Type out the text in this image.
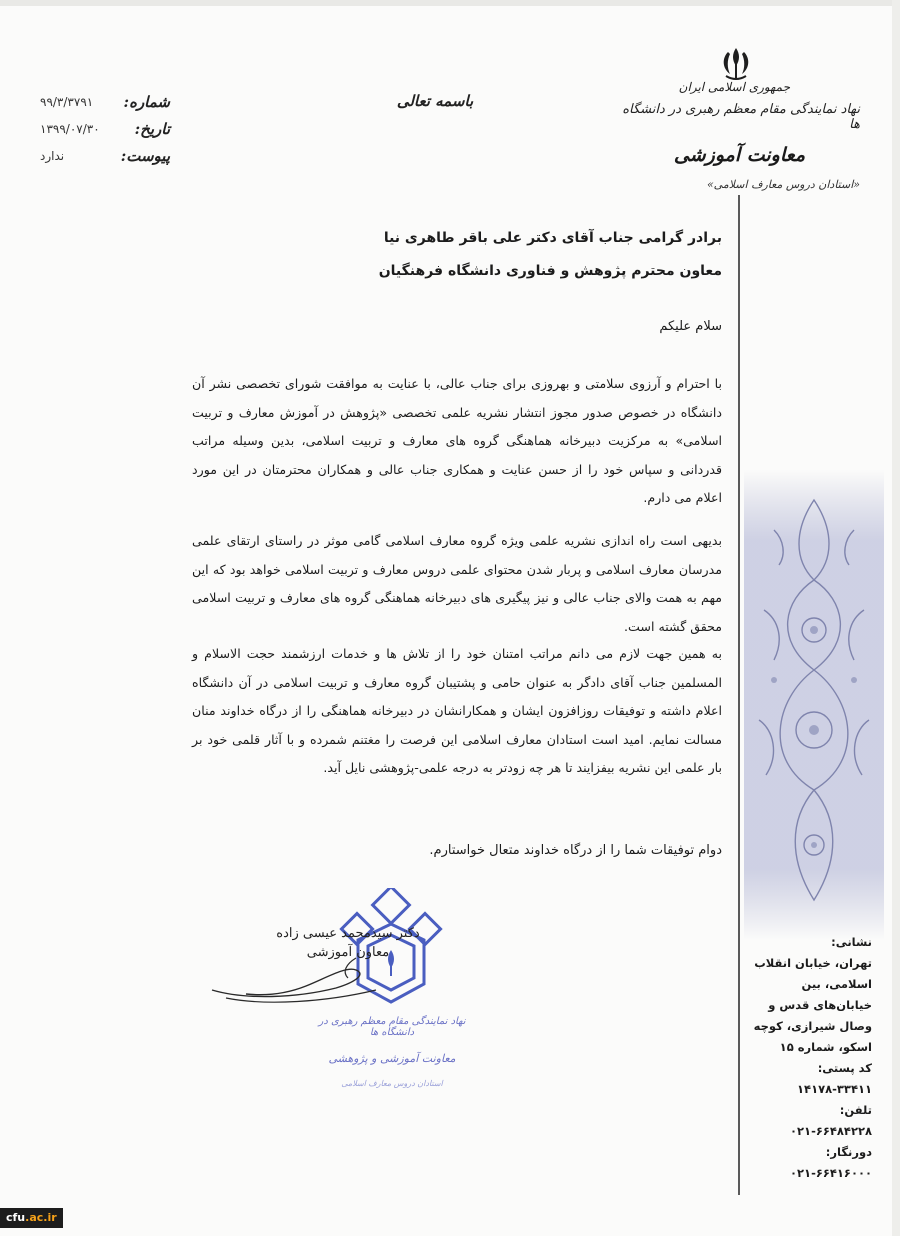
جمهوری اسلامی ایران
نهاد نمایندگی مقام معظم رهبری در دانشگاه ها
معاونت آموزشی
«استادان دروس معارف اسلامی»
باسمه تعالی
شماره:
۹۹/۳/۳۷۹۱
تاریخ:
۱۳۹۹/۰۷/۳۰
پیوست:
ندارد
برادر گرامی جناب آقای دکتر علی باقر طاهری نیا
معاون محترم پژوهش و فناوری دانشگاه فرهنگیان
سلام علیکم
با احترام و آرزوی سلامتی و بهروزی برای جناب عالی، با عنایت به موافقت شورای تخصصی نشر آن دانشگاه در خصوص صدور مجوز انتشار نشریه علمی تخصصی «پژوهش در آموزش معارف و تربیت اسلامی» به مرکزیت دبیرخانه هماهنگی گروه های معارف و تربیت اسلامی، بدین وسیله مراتب قدردانی و سپاس خود را از حسن عنایت و همکاری جناب عالی و همکاران محترمتان در این مورد اعلام می دارم.
بدیهی است راه اندازی نشریه علمی ویژه گروه معارف اسلامی گامی موثر در راستای ارتقای علمی مدرسان معارف اسلامی و پربار شدن محتوای علمی دروس معارف و تربیت اسلامی خواهد بود که این مهم به همت والای جناب عالی و نیز پیگیری های دبیرخانه هماهنگی گروه های معارف و تربیت اسلامی محقق گشته است.
به همین جهت لازم می دانم مراتب امتنان خود را از تلاش ها و خدمات ارزشمند حجت الاسلام و المسلمین جناب آقای دادگر به عنوان حامی و پشتیبان گروه معارف و تربیت اسلامی در آن دانشگاه اعلام داشته و توفیقات روزافزون ایشان و همکارانشان در دبیرخانه هماهنگی را از درگاه خداوند منان مسالت نمایم. امید است استادان معارف اسلامی این فرصت را مغتنم شمرده و با آثار قلمی خود بر بار علمی این نشریه بیفزایند تا هر چه زودتر به درجه علمی-پژوهشی نایل آید.
دوام توفیقات شما را از درگاه خداوند متعال خواستارم.
دکتر سیدمحمد عیسی زاده
معاون آموزشی
نهاد نمایندگی مقام معظم رهبری در دانشگاه ها
معاونت آموزشی و پژوهشی
استادان دروس معارف اسلامی
نشانی:
تهران، خیابان انقلاب اسلامی، بین خیابان‌های قدس و وصال شیرازی، کوچه اسکو، شماره ۱۵
کد پستی:
۱۴۱۷۸-۳۳۴۱۱
تلفن:
۰۲۱-۶۶۴۸۴۲۲۸
دورنگار:
۰۲۱-۶۶۴۱۶۰۰۰
cfu.ac.ir
